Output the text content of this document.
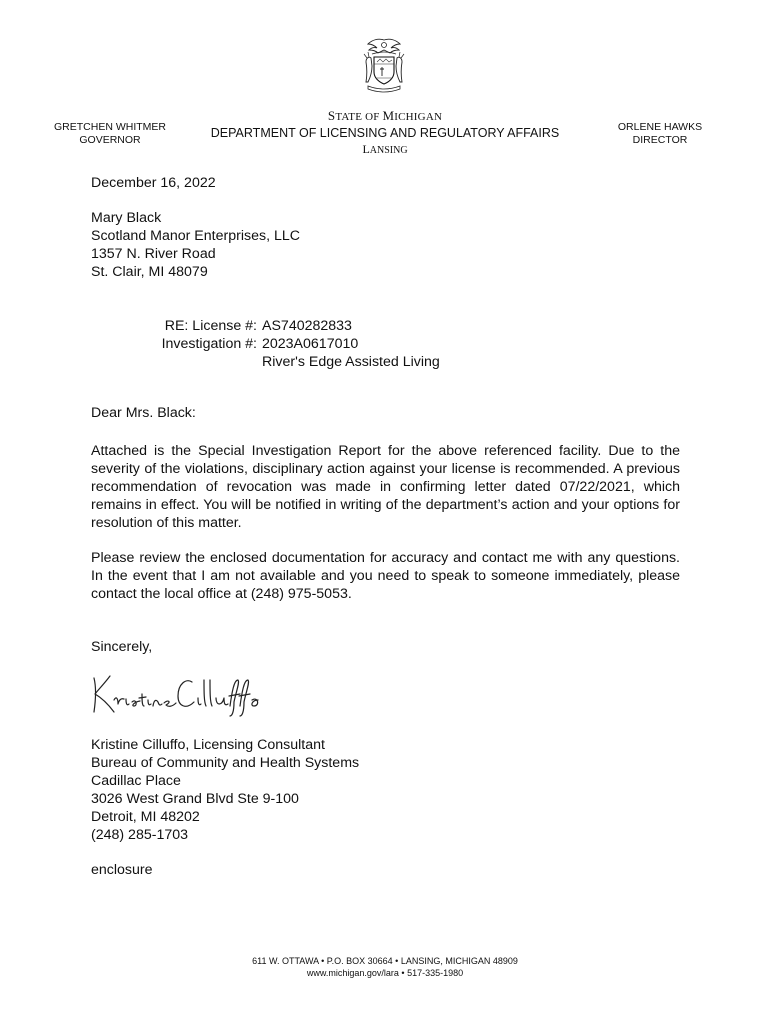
GRETCHEN WHITMER
GOVERNOR
STATE OF MICHIGAN
DEPARTMENT OF LICENSING AND REGULATORY AFFAIRS
LANSING
ORLENE HAWKS
DIRECTOR
December 16, 2022
Mary Black
Scotland Manor Enterprises, LLC
1357 N. River Road
St. Clair, MI 48079
RE: License #:
Investigation #:
AS740282833
2023A0617010
River's Edge Assisted Living
Dear Mrs. Black:
Attached is the Special Investigation Report for the above referenced facility. Due to the severity of the violations, disciplinary action against your license is recommended. A previous recommendation of revocation was made in confirming letter dated 07/22/2021, which remains in effect. You will be notified in writing of the department’s action and your options for resolution of this matter.
Please review the enclosed documentation for accuracy and contact me with any questions. In the event that I am not available and you need to speak to someone immediately, please contact the local office at (248) 975-5053.
Sincerely,
Kristine Cilluffo, Licensing Consultant
Bureau of Community and Health Systems
Cadillac Place
3026 West Grand Blvd Ste 9-100
Detroit, MI 48202
(248) 285-1703
enclosure
611 W. OTTAWA • P.O. BOX 30664 • LANSING, MICHIGAN 48909
www.michigan.gov/lara • 517-335-1980
